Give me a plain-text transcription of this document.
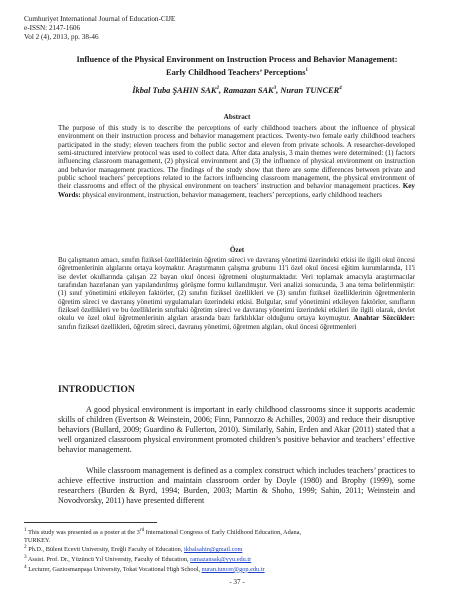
Cumhuriyet International Journal of Education-CIJE
e-ISSN: 2147-1606
Vol 2 (4), 2013, pp. 38-46
Influence of the Physical Environment on Instruction Process and Behavior Management:
Early Childhood Teachers’ Perceptions$^1$
İkbal Tuba ŞAHIN SAK$^2$, Ramazan SAK$^3$, Nuran TUNCER$^4$
Abstract
The purpose of this study is to describe the perceptions of early childhood teachers about the influence of physical environment on their instruction process and behavior management practices. Twenty-two female early childhood teachers participated in the study; eleven teachers from the public sector and eleven from private schools. A researcher-developed semi-structured interview protocol was used to collect data. After data analysis, 3 main themes were determined: (1) factors influencing classroom management, (2) physical environment and (3) the influence of physical environment on instruction and behavior management practices. The findings of the study show that there are some differences between private and public school teachers’ perceptions related to the factors influencing classroom management, the physical environment of their classrooms and effect of the physical environment on teachers’ instruction and behavior management practices. Key Words: physical environment, instruction, behavior management, teachers’ perceptions, early childhood teachers
Özet
Bu çalışmanın amacı, sınıfın fiziksel özelliklerinin öğretim süreci ve davranış yönetimi üzerindeki etkisi ile ilgili okul öncesi öğretmenlerinin algılarını ortaya koymaktır. Araştırmanın çalışma grubunu 11'i özel okul öncesi eğitim kurumlarında, 11'i ise devlet okullarında çalışan 22 bayan okul öncesi öğretmeni oluşturmaktadır. Veri toplamak amacıyla araştırmacılar tarafından hazırlanan yarı yapılandırılmış görüşme formu kullanılmıştır. Veri analizi sonucunda, 3 ana tema belirlenmiştir: (1) sınıf yönetimini etkileyen faktörler, (2) sınıfın fiziksel özellikleri ve (3) sınıfın fiziksel özelliklerinin öğretmenlerin öğretim süreci ve davranış yönetimi uygulamaları üzerindeki etkisi. Bulgular, sınıf yönetimini etkileyen faktörler, sınıfların fiziksel özellikleri ve bu özelliklerin sınıftaki öğretim süreci ve davranış yönetimi üzerindeki etkileri ile ilgili olarak, devlet okulu ve özel okul öğretmenlerinin algıları arasında bazı farklılıklar olduğunu ortaya koymuştur. Anahtar Sözcükler: sınıfın fiziksel özellikleri, öğretim süreci, davranış yönetimi, öğretmen algıları, okul öncesi öğretmenleri
INTRODUCTION
A good physical environment is important in early childhood classrooms since it supports academic skills of children (Evertson & Weinstein, 2006; Finn, Pannozzo & Achilles, 2003) and reduce their disruptive behaviors (Bullard, 2009; Guardino & Fullerton, 2010). Similarly, Sahin, Erden and Akar (2011) stated that a well organized classroom physical environment promoted children’s positive behavior and teachers’ effective behavior management.
While classroom management is defined as a complex construct which includes teachers’ practices to achieve effective instruction and maintain classroom order by Doyle (1980) and Brophy (1999), some researchers (Burden & Byrd, 1994; Burden, 2003; Martin & Shoho, 1999; Sahin, 2011; Weinstein and Novodvorsky, 2011) have presented different
$^1$ This study was presented as a poster at the 3rd International Congress of Early Childhood Education, Adana,
TURKEY.
$^2$ Ph.D., Bülent Ecevit University, Ereğli Faculty of Education, ikbalsahin@gmail.com
$^3$ Assist. Prof. Dr., Yüzüncü Yıl University, Faculty of Education, ramazansak@yyu.edu.tr
$^4$ Lecturer, Gaziosmanpaşa University, Tokat Vocational High School, nuran.tuncer@gop.edu.tr
- 37 -
